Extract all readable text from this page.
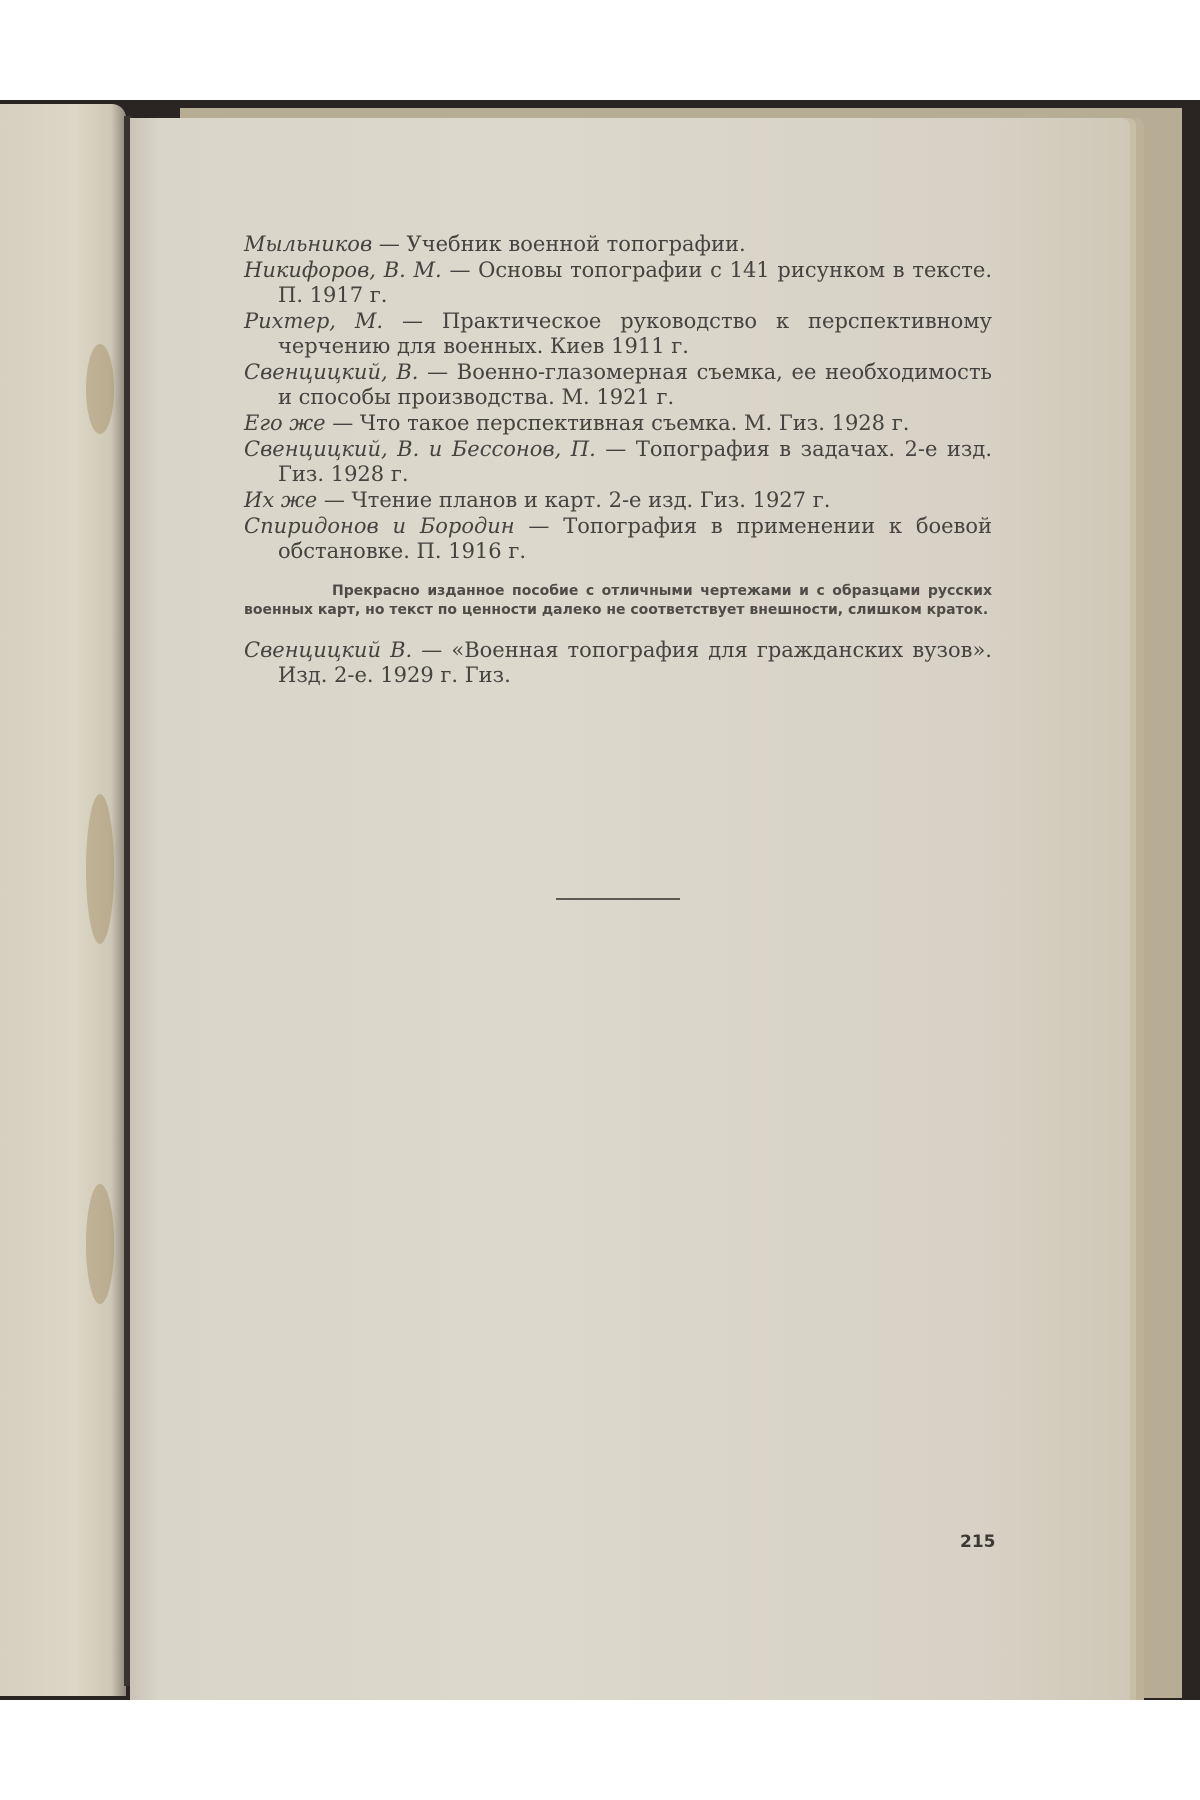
Мыльников — Учебник военной топографии.

Никифоров, В. М. — Основы топографии с 141 рисунком в тексте. П. 1917 г.

Рихтер, М. — Практическое руководство к перспективному черчению для военных. Киев 1911 г.

Свенцицкий, В. — Военно-глазомерная съемка, ее необходимость и способы производства. М. 1921 г.

Его же — Что такое перспективная съемка. М. Гиз. 1928 г.

Свенцицкий, В. и Бессонов, П. — Топография в задачах. 2-е изд. Гиз. 1928 г.

Их же — Чтение планов и карт. 2-е изд. Гиз. 1927 г.

Спиридонов и Бородин — Топография в применении к боевой обстановке. П. 1916 г.

Прекрасно изданное пособие с отличными чертежами и с образцами русских военных карт, но текст по ценности далеко не соответствует внешности, слишком краток.

Свенцицкий В. — «Военная топография для гражданских вузов». Изд. 2-е. 1929 г. Гиз.

215
